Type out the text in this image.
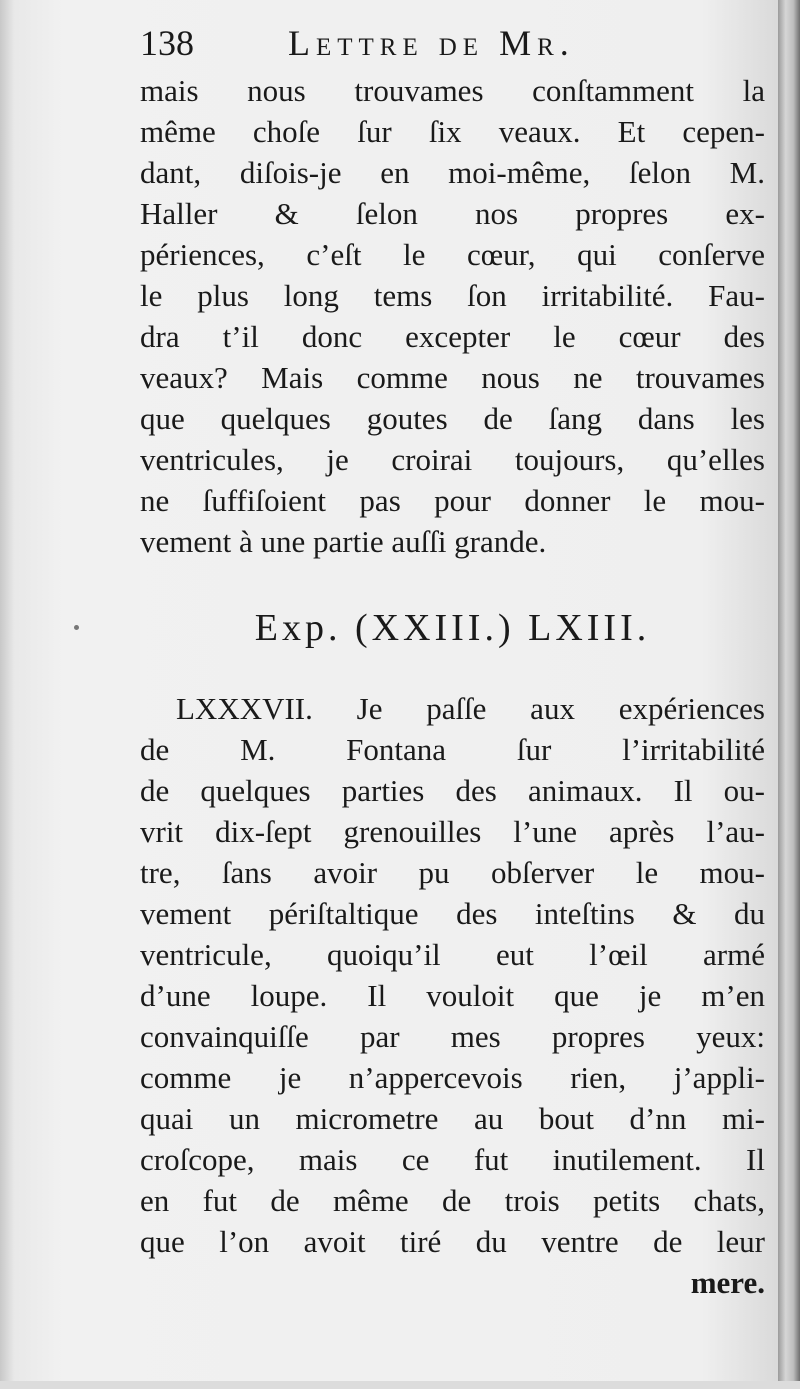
138	Lettre de Mr.
mais nous trouvames conſtamment la
même choſe ſur ſix veaux. Et cepen-
dant, diſois-je en moi-même, ſelon M.
Haller & ſelon nos propres ex-
périences, c’eſt le cœur, qui conſerve
le plus long tems ſon irritabilité. Fau-
dra t’il donc excepter le cœur des
veaux? Mais comme nous ne trouvames
que quelques goutes de ſang dans les
ventricules, je croirai toujours, qu’elles
ne ſuffiſoient pas pour donner le mou-
vement à une partie auſſi grande.
Exp. (XXIII.) LXIII.
LXXXVII. Je paſſe aux expériences
de M. Fontana ſur l’irritabilité
de quelques parties des animaux. Il ou-
vrit dix-ſept grenouilles l’une après l’au-
tre, ſans avoir pu obſerver le mou-
vement périſtaltique des inteſtins & du
ventricule, quoiqu’il eut l’œil armé
d’une loupe. Il vouloit que je m’en
convainquiſſe par mes propres yeux:
comme je n’appercevois rien, j’appli-
quai un micrometre au bout d’nn mi-
croſcope, mais ce fut inutilement. Il
en fut de même de trois petits chats,
que l’on avoit tiré du ventre de leur
mere.
